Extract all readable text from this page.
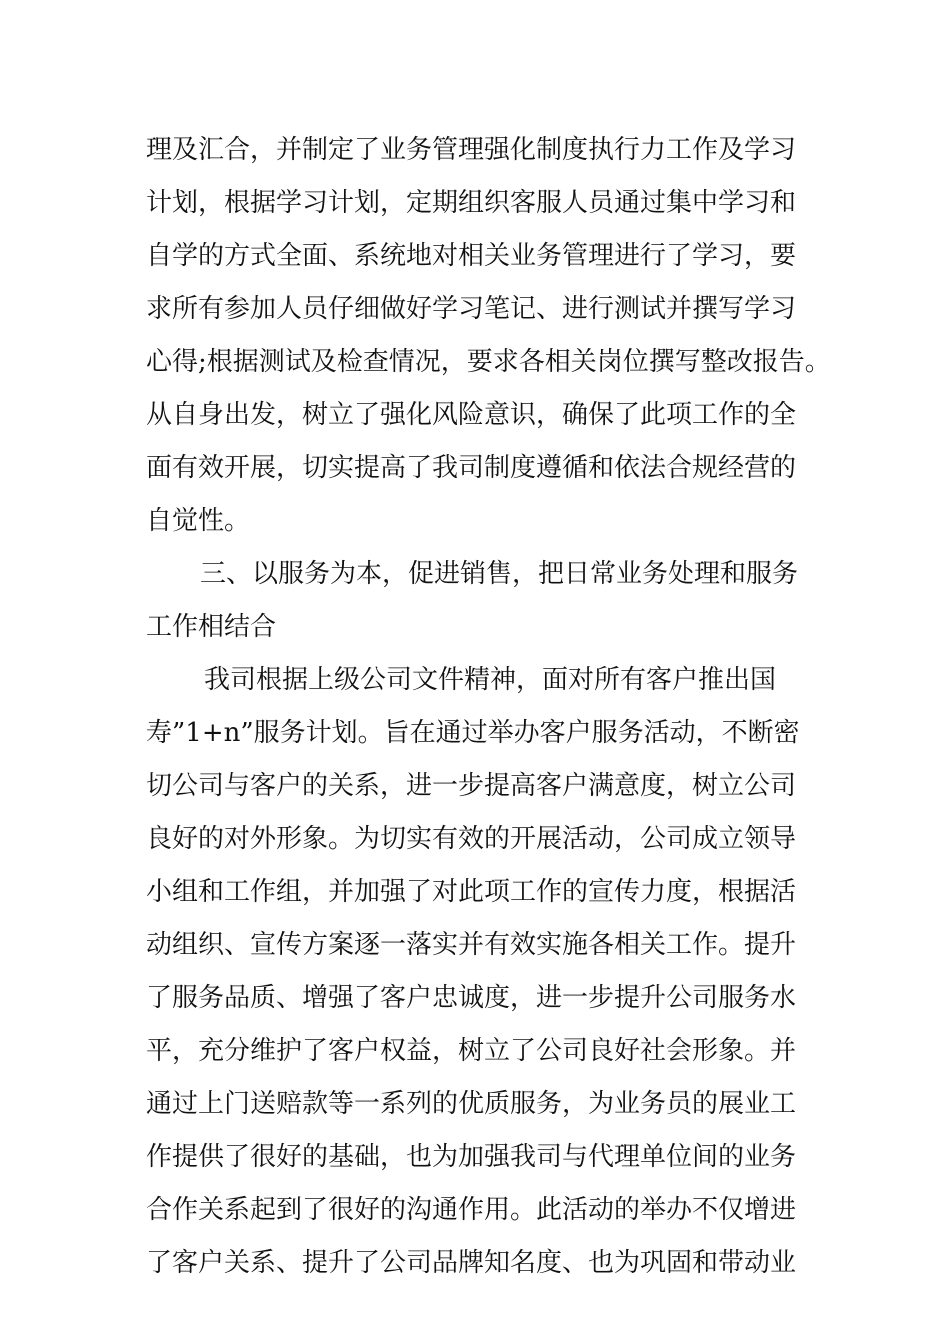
理及汇合，并制定了业务管理强化制度执行力工作及学习
计划，根据学习计划，定期组织客服人员通过集中学习和
自学的方式全面、系统地对相关业务管理进行了学习，要
求所有参加人员仔细做好学习笔记、进行测试并撰写学习
心得;根据测试及检查情况，要求各相关岗位撰写整改报告。
从自身出发，树立了强化风险意识，确保了此项工作的全
面有效开展，切实提高了我司制度遵循和依法合规经营的
自觉性。
三、以服务为本，促进销售，把日常业务处理和服务
工作相结合
我司根据上级公司文件精神，面对所有客户推出国
寿”1+n”服务计划。旨在通过举办客户服务活动，不断密
切公司与客户的关系，进一步提高客户满意度，树立公司
良好的对外形象。为切实有效的开展活动，公司成立领导
小组和工作组，并加强了对此项工作的宣传力度，根据活
动组织、宣传方案逐一落实并有效实施各相关工作。提升
了服务品质、增强了客户忠诚度，进一步提升公司服务水
平，充分维护了客户权益，树立了公司良好社会形象。并
通过上门送赔款等一系列的优质服务，为业务员的展业工
作提供了很好的基础，也为加强我司与代理单位间的业务
合作关系起到了很好的沟通作用。此活动的举办不仅增进
了客户关系、提升了公司品牌知名度、也为巩固和带动业
